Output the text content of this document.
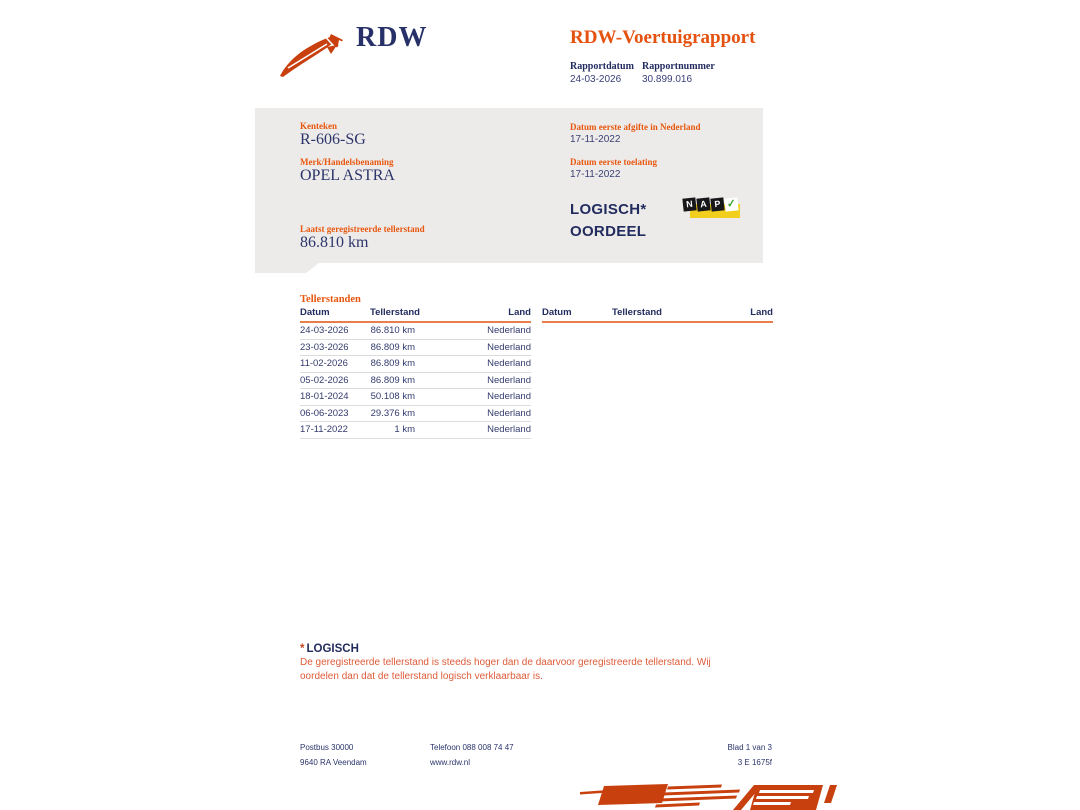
RDW	RDW-Voertuigrapport
Rapportdatum Rapportnummer
24-03-2026 30.899.016
Kenteken
R-606-SG
Merk/Handelsbenaming
OPEL ASTRA
Laatst geregistreerde tellerstand
86.810 km
Datum eerste afgifte in Nederland
17-11-2022
Datum eerste toelating
17-11-2022
LOGISCH*
OORDEEL
N A P ✓
Tellerstanden
Datum	Tellerstand	Land
24-03-2026	86.810 km	Nederland
23-03-2026	86.809 km	Nederland
11-02-2026	86.809 km	Nederland
05-02-2026	86.809 km	Nederland
18-01-2024	50.108 km	Nederland
06-06-2023	29.376 km	Nederland
17-11-2022	1 km	Nederland
Datum	Tellerstand	Land
* LOGISCH
De geregistreerde tellerstand is steeds hoger dan de daarvoor geregistreerde tellerstand. Wij oordelen dan dat de tellerstand logisch verklaarbaar is.
Postbus 30000
9640 RA Veendam
Telefoon 088 008 74 47
www.rdw.nl
Blad 1 van 3
3 E 1675f
